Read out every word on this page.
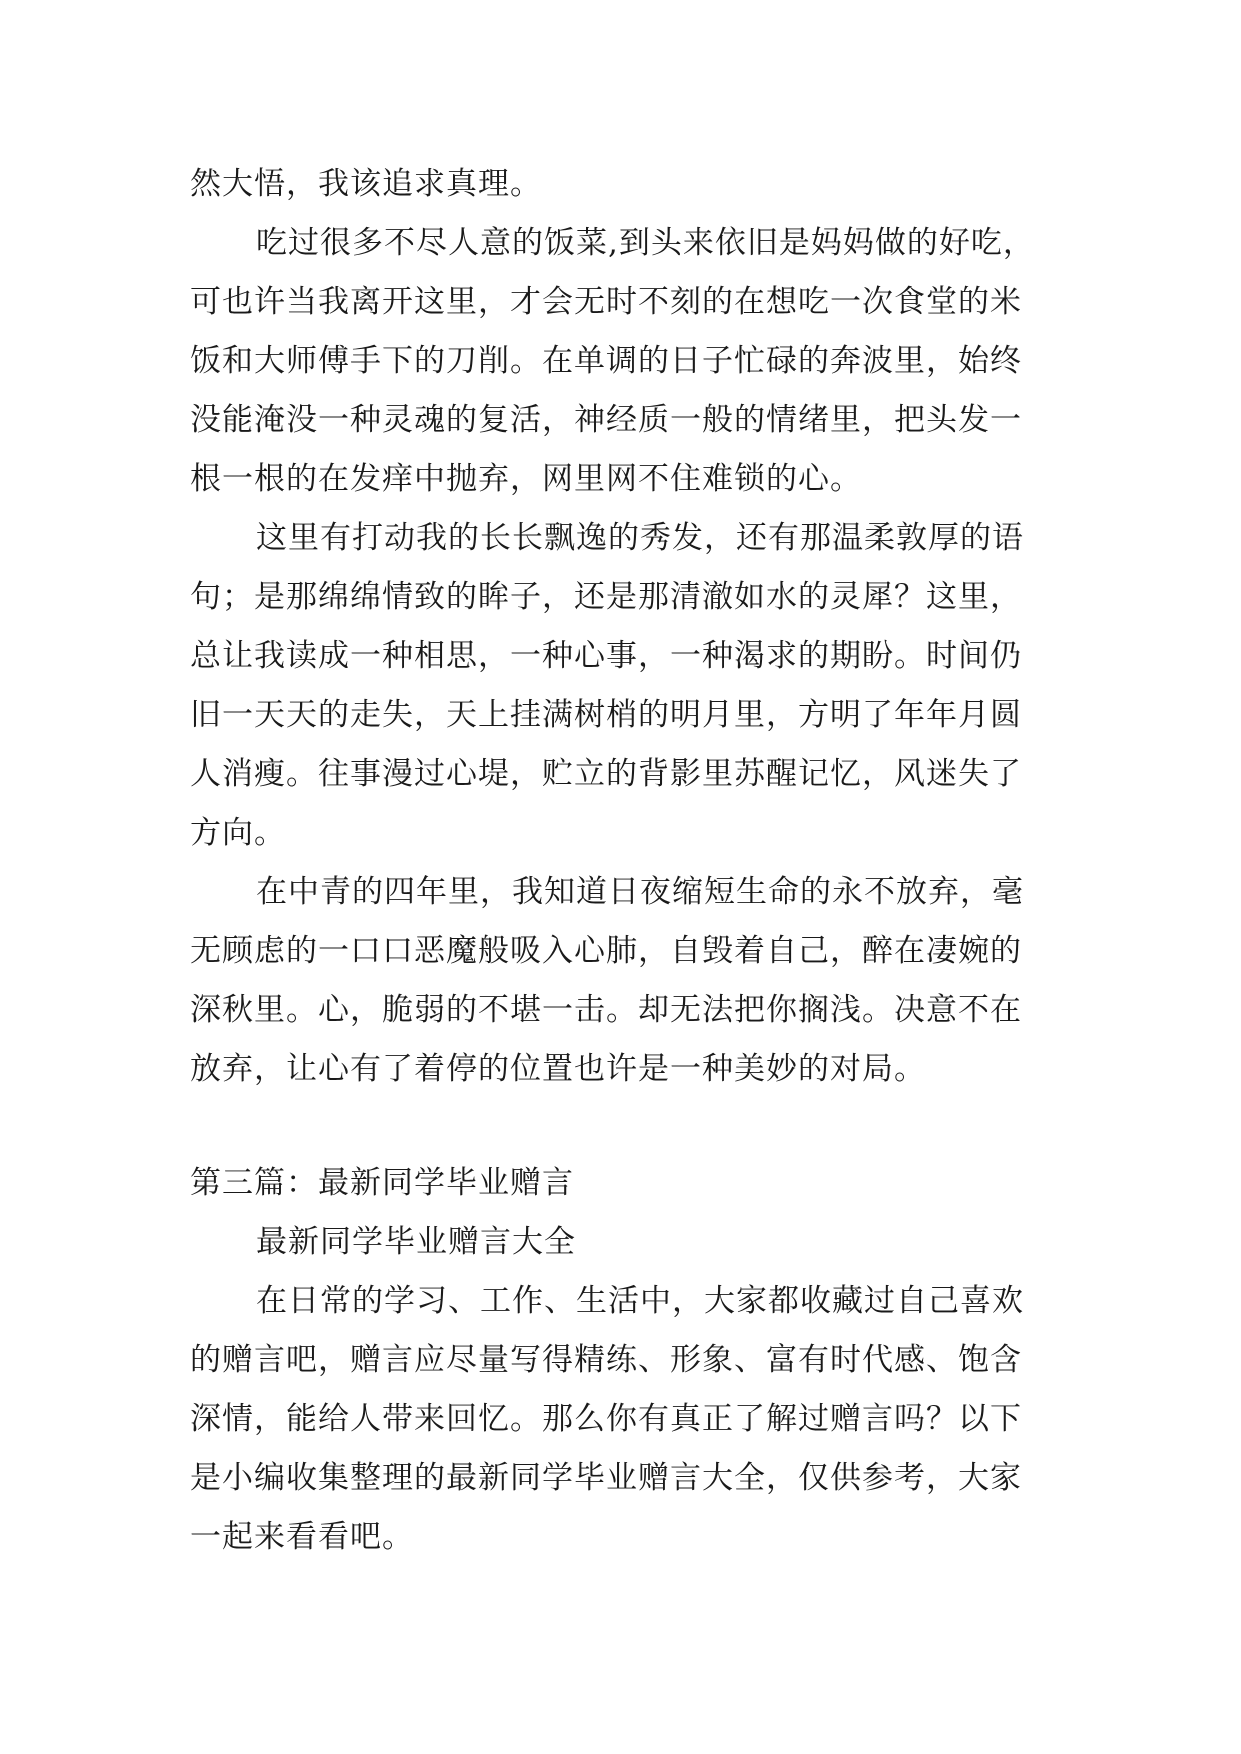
然大悟，我该追求真理。
吃过很多不尽人意的饭菜,到头来依旧是妈妈做的好吃，
可也许当我离开这里，才会无时不刻的在想吃一次食堂的米
饭和大师傅手下的刀削。在单调的日子忙碌的奔波里，始终
没能淹没一种灵魂的复活，神经质一般的情绪里，把头发一
根一根的在发痒中抛弃，网里网不住难锁的心。
这里有打动我的长长飘逸的秀发，还有那温柔敦厚的语
句；是那绵绵情致的眸子，还是那清澈如水的灵犀？这里，
总让我读成一种相思，一种心事，一种渴求的期盼。时间仍
旧一天天的走失，天上挂满树梢的明月里，方明了年年月圆
人消瘦。往事漫过心堤，贮立的背影里苏醒记忆，风迷失了
方向。
在中青的四年里，我知道日夜缩短生命的永不放弃，毫
无顾虑的一口口恶魔般吸入心肺，自毁着自己，醉在凄婉的
深秋里。心，脆弱的不堪一击。却无法把你搁浅。决意不在
放弃，让心有了着停的位置也许是一种美妙的对局。
第三篇：最新同学毕业赠言
最新同学毕业赠言大全
在日常的学习、工作、生活中，大家都收藏过自己喜欢
的赠言吧，赠言应尽量写得精练、形象、富有时代感、饱含
深情，能给人带来回忆。那么你有真正了解过赠言吗？以下
是小编收集整理的最新同学毕业赠言大全，仅供参考，大家
一起来看看吧。
